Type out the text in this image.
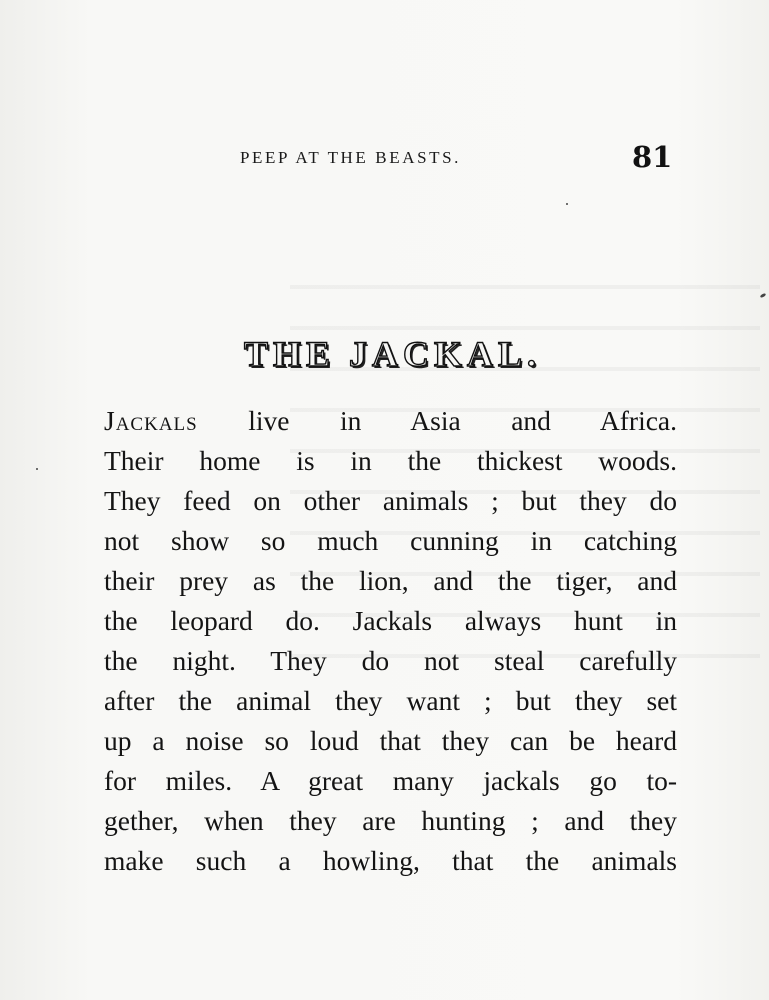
PEEP AT THE BEASTS.	81
THE JACKAL.
Jackals live in Asia and Africa.
Their home is in the thickest woods.
They feed on other animals ; but they do
not show so much cunning in catching
their prey as the lion, and the tiger, and
the leopard do. Jackals always hunt in
the night. They do not steal carefully
after the animal they want ; but they set
up a noise so loud that they can be heard
for miles. A great many jackals go to-
gether, when they are hunting ; and they
make such a howling, that the animals
